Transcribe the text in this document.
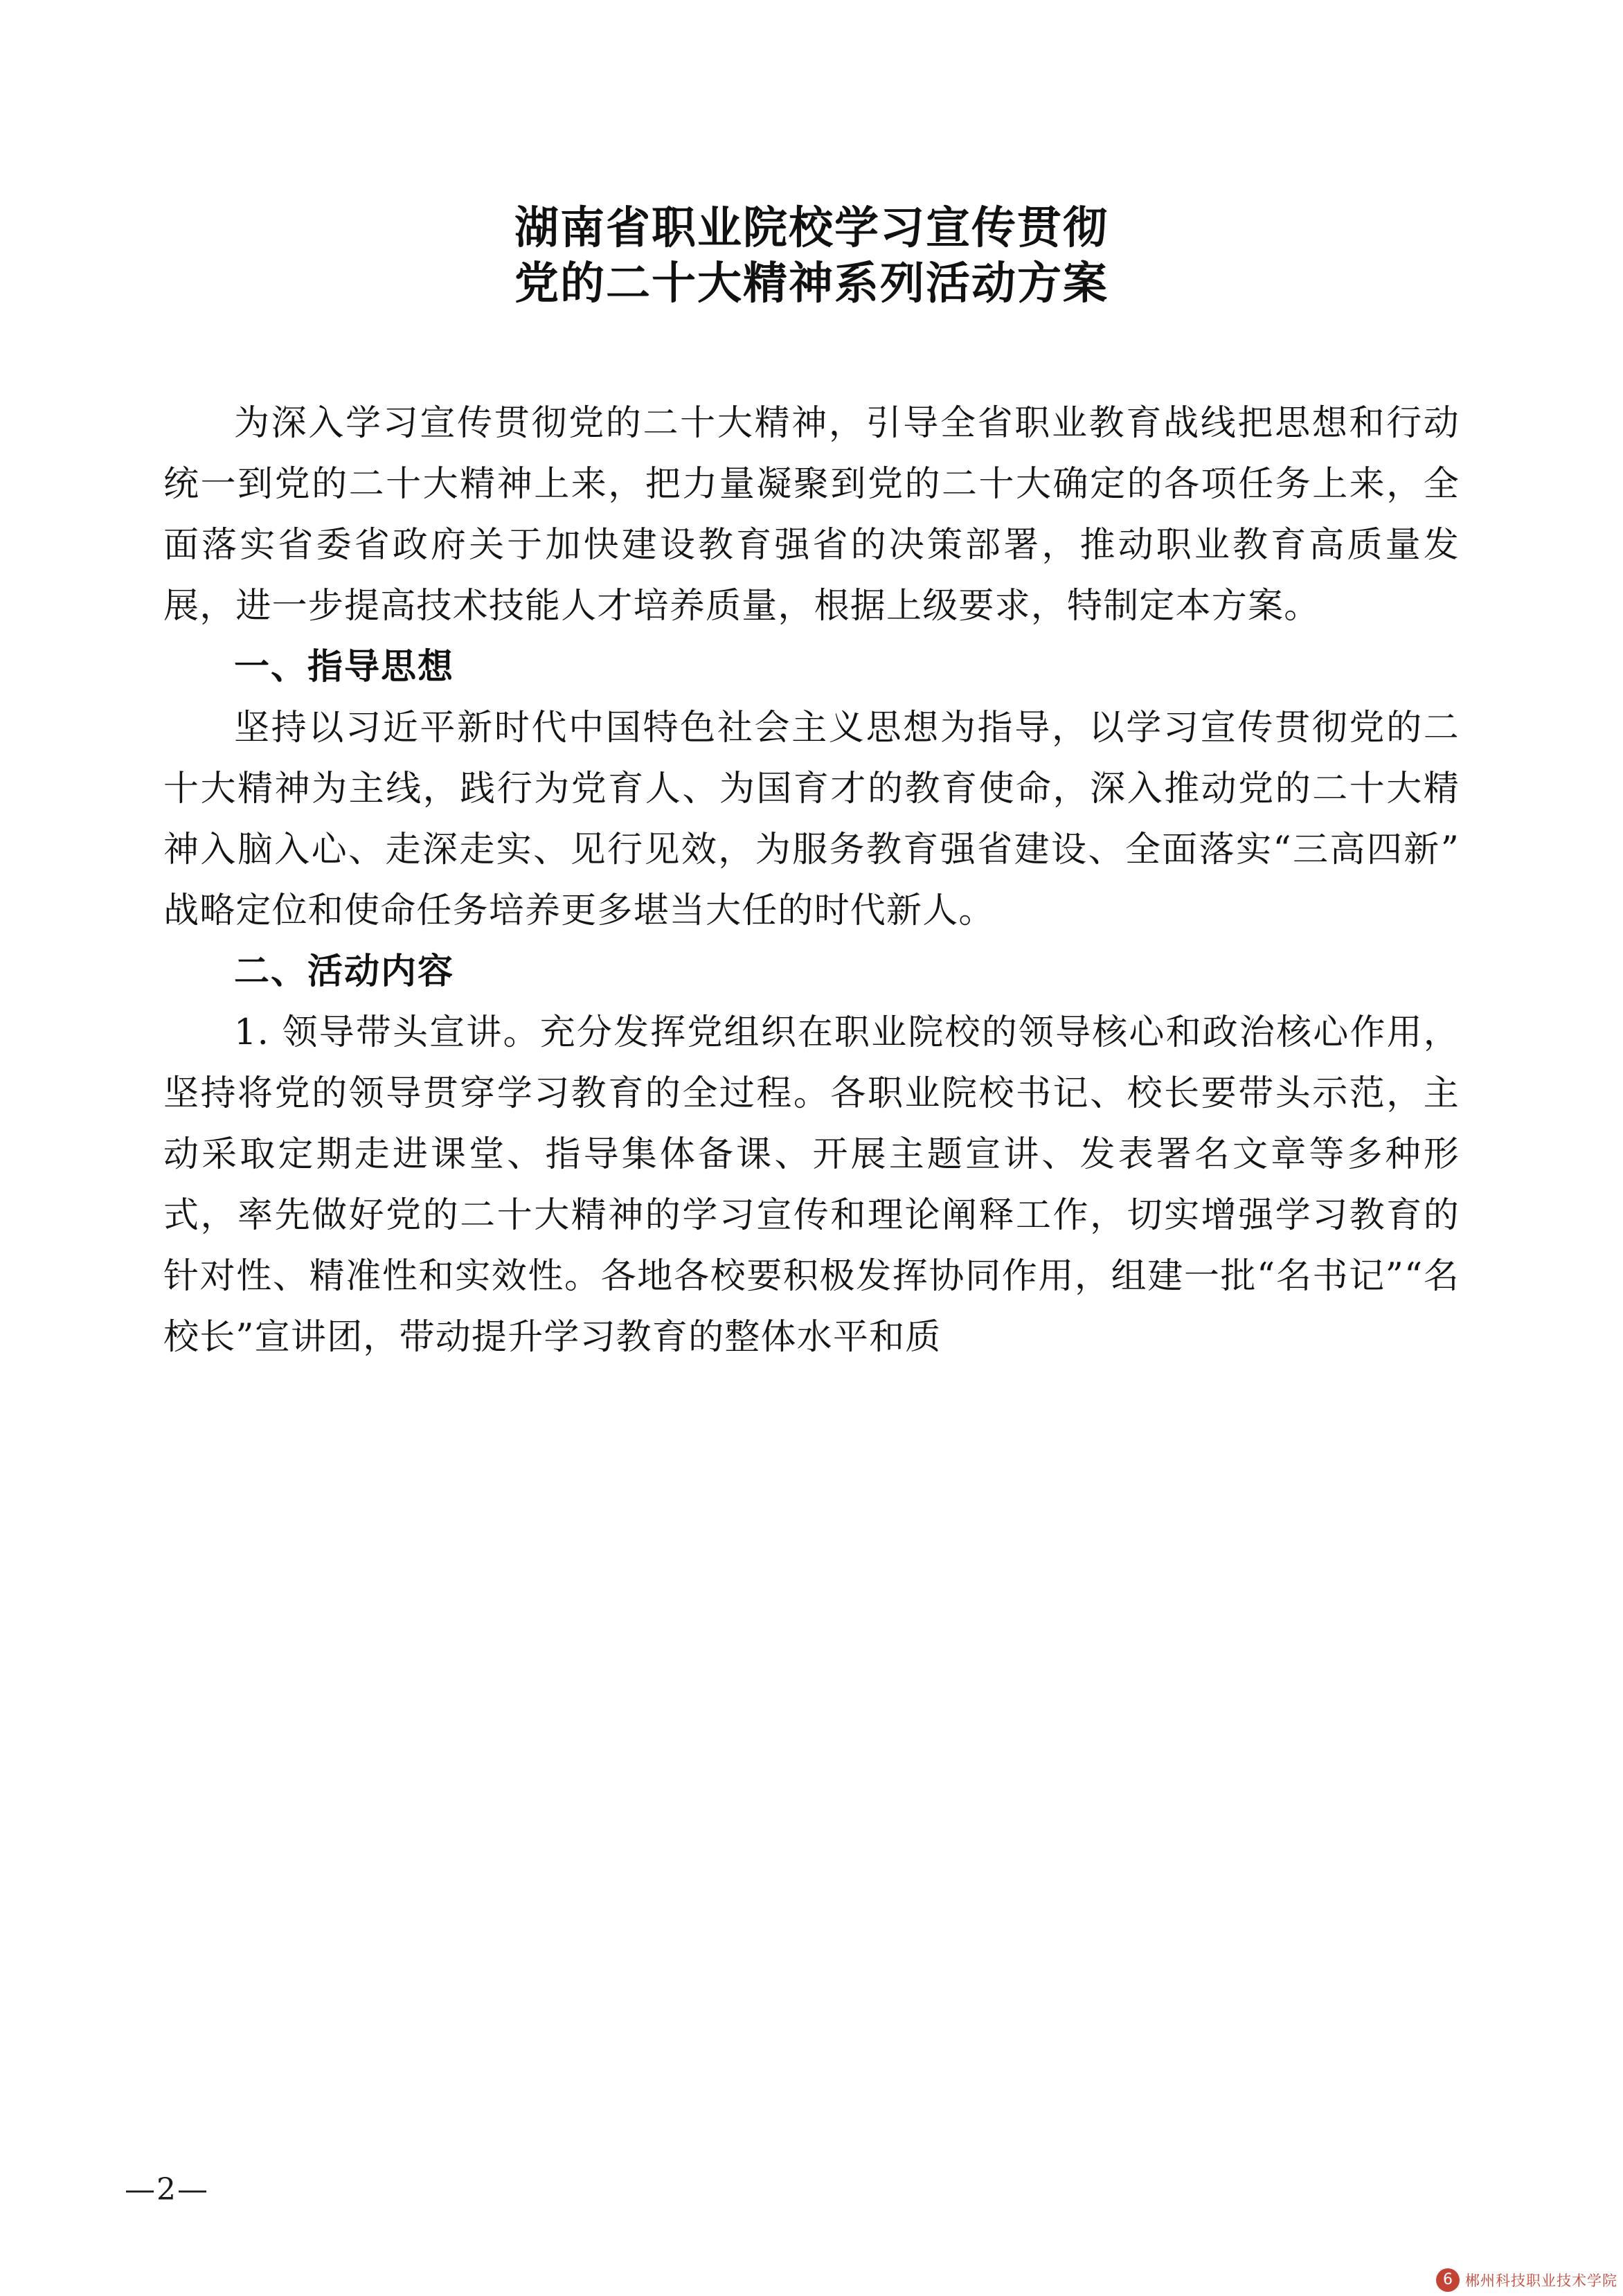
湖南省职业院校学习宣传贯彻
党的二十大精神系列活动方案

为深入学习宣传贯彻党的二十大精神，引导全省职业教育战线把思想和行动统一到党的二十大精神上来，把力量凝聚到党的二十大确定的各项任务上来，全面落实省委省政府关于加快建设教育强省的决策部署，推动职业教育高质量发展，进一步提高技术技能人才培养质量，根据上级要求，特制定本方案。

一、指导思想

坚持以习近平新时代中国特色社会主义思想为指导，以学习宣传贯彻党的二十大精神为主线，践行为党育人、为国育才的教育使命，深入推动党的二十大精神入脑入心、走深走实、见行见效，为服务教育强省建设、全面落实“三高四新”战略定位和使命任务培养更多堪当大任的时代新人。

二、活动内容

1. 领导带头宣讲。充分发挥党组织在职业院校的领导核心和政治核心作用，坚持将党的领导贯穿学习教育的全过程。各职业院校书记、校长要带头示范，主动采取定期走进课堂、指导集体备课、开展主题宣讲、发表署名文章等多种形式，率先做好党的二十大精神的学习宣传和理论阐释工作，切实增强学习教育的针对性、精准性和实效性。各地各校要积极发挥协同作用，组建一批“名书记”“名校长”宣讲团，带动提升学习教育的整体水平和质

—2—
6 郴州科技职业技术学院
